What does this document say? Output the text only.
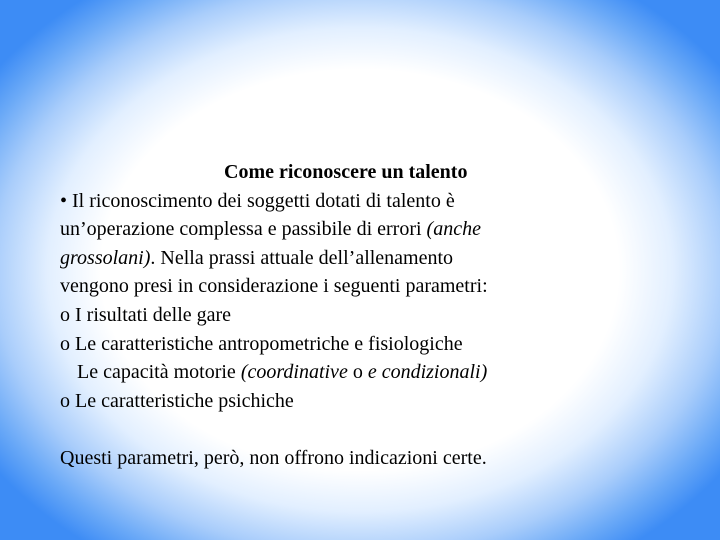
Come riconoscere un talento
• Il riconoscimento dei soggetti dotati di talento è
un’operazione complessa e passibile di errori (anche
grossolani). Nella prassi attuale dell’allenamento
vengono presi in considerazione i seguenti parametri:
o I risultati delle gare
o Le caratteristiche antropometriche e fisiologiche
Le capacità motorie (coordinative o e condizionali)
o Le caratteristiche psichiche
Questi parametri, però, non offrono indicazioni certe.
